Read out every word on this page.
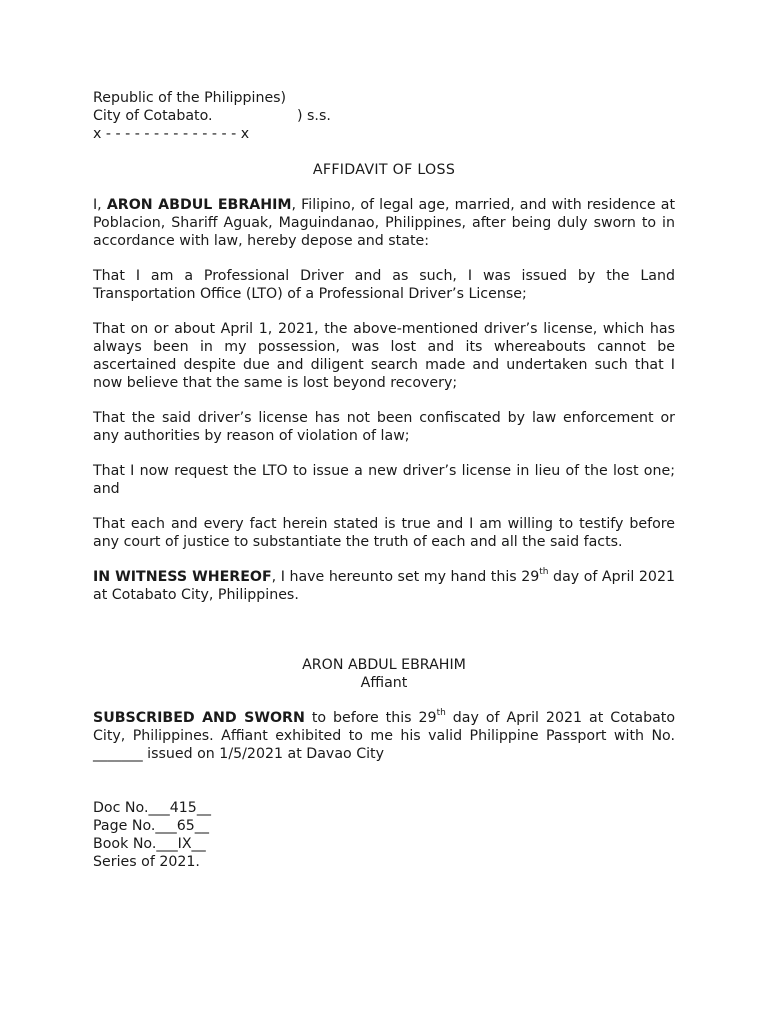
Republic of the Philippines)
City of Cotabato.	) s.s.
x - - - - - - - - - - - - - - x
AFFIDAVIT OF LOSS

I, ARON ABDUL EBRAHIM, Filipino, of legal age, married, and with residence at Poblacion, Shariff Aguak, Maguindanao, Philippines, after being duly sworn to in accordance with law, hereby depose and state:

That I am a Professional Driver and as such, I was issued by the Land Transportation Office (LTO) of a Professional Driver’s License;

That on or about April 1, 2021, the above-mentioned driver’s license, which has always been in my possession, was lost and its whereabouts cannot be ascertained despite due and diligent search made and undertaken such that I now believe that the same is lost beyond recovery;

That the said driver’s license has not been confiscated by law enforcement or any authorities by reason of violation of law;

That I now request the LTO to issue a new driver’s license in lieu of the lost one; and

That each and every fact herein stated is true and I am willing to testify before any court of justice to substantiate the truth of each and all the said facts.

IN WITNESS WHEREOF, I have hereunto set my hand this 29th day of April 2021 at Cotabato City, Philippines.

ARON ABDUL EBRAHIM
Affiant

SUBSCRIBED AND SWORN to before this 29th day of April 2021 at Cotabato City, Philippines. Affiant exhibited to me his valid Philippine Passport with No. _______ issued on 1/5/2021 at Davao City

Doc No.___415__
Page No.___65__
Book No.___IX__
Series of 2021.
